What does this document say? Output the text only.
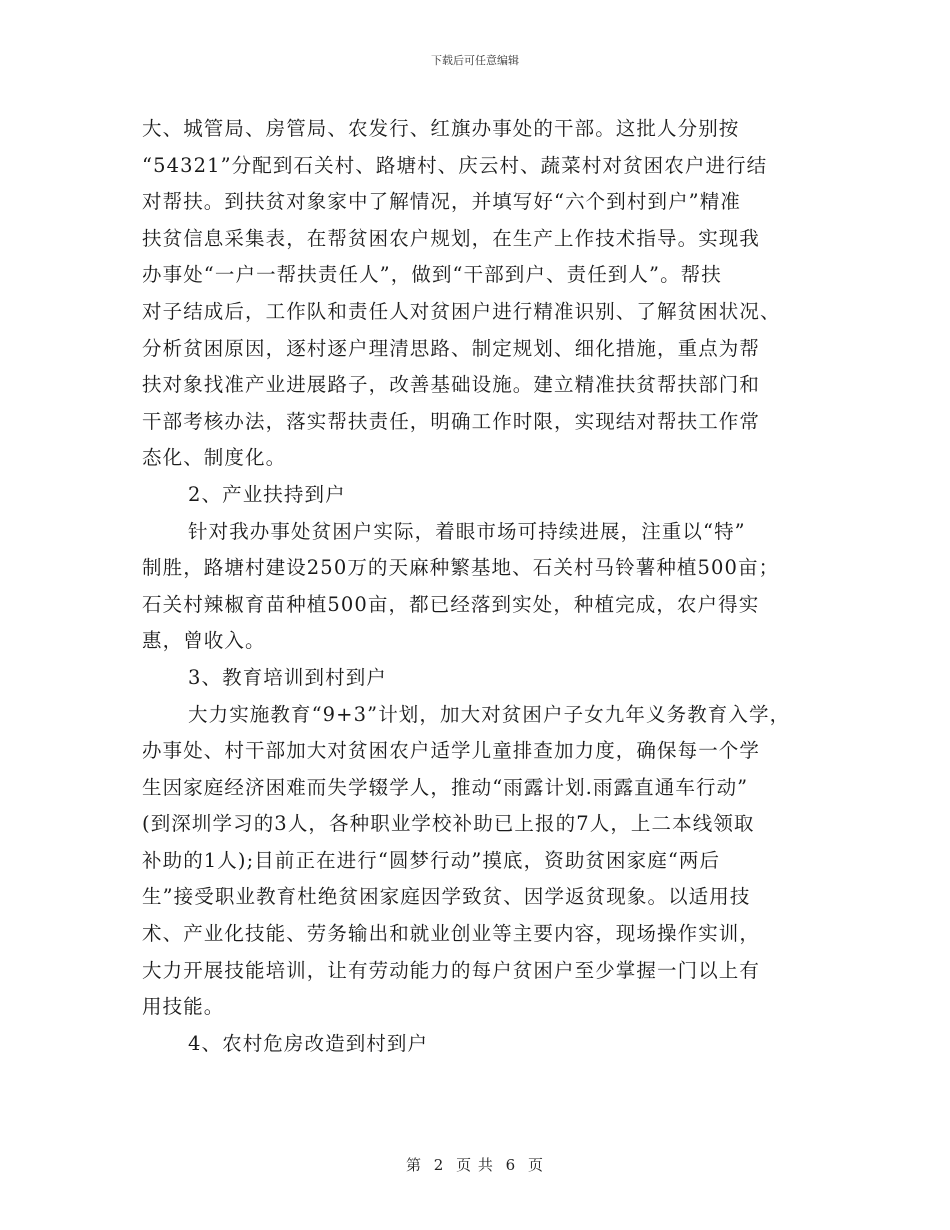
下载后可任意编辑
大、城管局、房管局、农发行、红旗办事处的干部。这批人分别按
“54321”分配到石关村、路塘村、庆云村、蔬菜村对贫困农户进行结
对帮扶。到扶贫对象家中了解情况，并填写好“六个到村到户”精准
扶贫信息采集表，在帮贫困农户规划，在生产上作技术指导。实现我
办事处“一户一帮扶责任人”，做到“干部到户、责任到人”。帮扶
对子结成后，工作队和责任人对贫困户进行精准识别、了解贫困状况、
分析贫困原因，逐村逐户理清思路、制定规划、细化措施，重点为帮
扶对象找准产业进展路子，改善基础设施。建立精准扶贫帮扶部门和
干部考核办法，落实帮扶责任，明确工作时限，实现结对帮扶工作常
态化、制度化。
2、产业扶持到户
针对我办事处贫困户实际，着眼市场可持续进展，注重以“特”
制胜，路塘村建设250万的天麻种繁基地、石关村马铃薯种植500亩；
石关村辣椒育苗种植500亩，都已经落到实处，种植完成，农户得实
惠，曾收入。
3、教育培训到村到户
大力实施教育“9+3”计划，加大对贫困户子女九年义务教育入学，
办事处、村干部加大对贫困农户适学儿童排查加力度，确保每一个学
生因家庭经济困难而失学辍学人，推动“雨露计划.雨露直通车行动”
(到深圳学习的3人，各种职业学校补助已上报的7人，上二本线领取
补助的1人);目前正在进行“圆梦行动”摸底，资助贫困家庭“两后
生”接受职业教育杜绝贫困家庭因学致贫、因学返贫现象。以适用技
术、产业化技能、劳务输出和就业创业等主要内容，现场操作实训，
大力开展技能培训，让有劳动能力的每户贫困户至少掌握一门以上有
用技能。
4、农村危房改造到村到户
第 2 页 共 6 页
